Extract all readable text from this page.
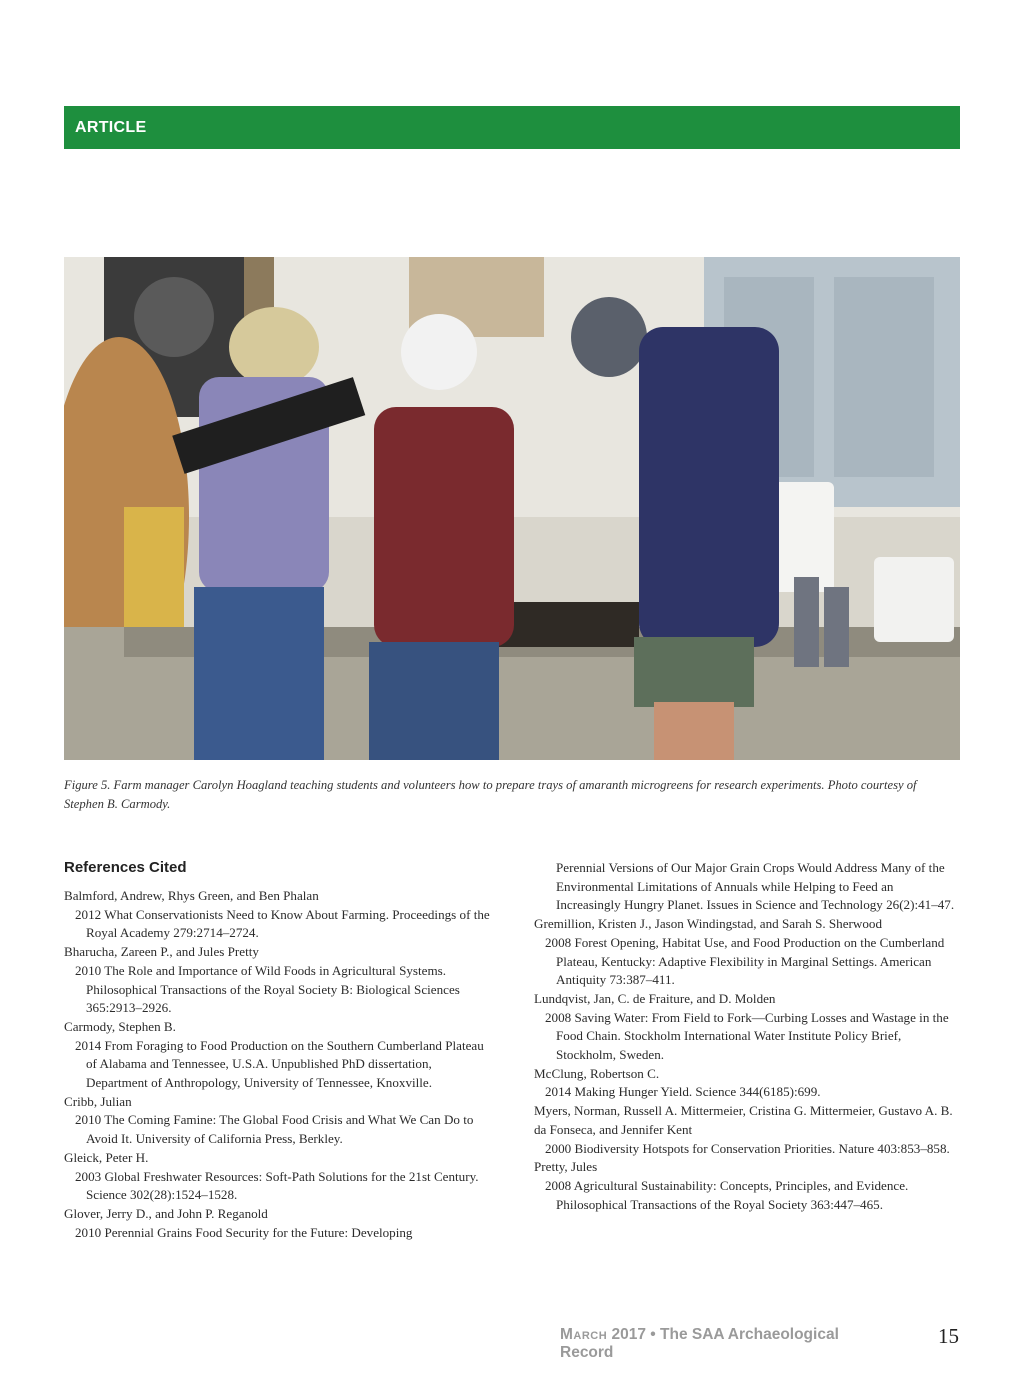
ARTICLE
Figure 5. Farm manager Carolyn Hoagland teaching students and volunteers how to prepare trays of amaranth microgreens for research experiments. Photo courtesy of Stephen B. Carmody.
References Cited

Balmford, Andrew, Rhys Green, and Ben Phalan

2012 What Conservationists Need to Know About Farming. Proceedings of the Royal Academy 279:2714–2724.

Bharucha, Zareen P., and Jules Pretty

2010 The Role and Importance of Wild Foods in Agricultural Systems. Philosophical Transactions of the Royal Society B: Biological Sciences 365:2913–2926.

Carmody, Stephen B.

2014 From Foraging to Food Production on the Southern Cumberland Plateau of Alabama and Tennessee, U.S.A. Unpublished PhD dissertation, Department of Anthropology, University of Tennessee, Knoxville.

Cribb, Julian

2010 The Coming Famine: The Global Food Crisis and What We Can Do to Avoid It. University of California Press, Berkley.

Gleick, Peter H.

2003 Global Freshwater Resources: Soft-Path Solutions for the 21st Century. Science 302(28):1524–1528.

Glover, Jerry D., and John P. Reganold

2010 Perennial Grains Food Security for the Future: Developing

Perennial Versions of Our Major Grain Crops Would Address Many of the Environmental Limitations of Annuals while Helping to Feed an Increasingly Hungry Planet. Issues in Science and Technology 26(2):41–47.

Gremillion, Kristen J., Jason Windingstad, and Sarah S. Sherwood

2008 Forest Opening, Habitat Use, and Food Production on the Cumberland Plateau, Kentucky: Adaptive Flexibility in Marginal Settings. American Antiquity 73:387–411.

Lundqvist, Jan, C. de Fraiture, and D. Molden

2008 Saving Water: From Field to Fork—Curbing Losses and Wastage in the Food Chain. Stockholm International Water Institute Policy Brief, Stockholm, Sweden.

McClung, Robertson C.

2014 Making Hunger Yield. Science 344(6185):699.

Myers, Norman, Russell A. Mittermeier, Cristina G. Mittermeier, Gustavo A. B. da Fonseca, and Jennifer Kent

2000 Biodiversity Hotspots for Conservation Priorities. Nature 403:853–858.

Pretty, Jules

2008 Agricultural Sustainability: Concepts, Principles, and Evidence. Philosophical Transactions of the Royal Society 363:447–465.

March 2017 • The SAA Archaeological Record
15
